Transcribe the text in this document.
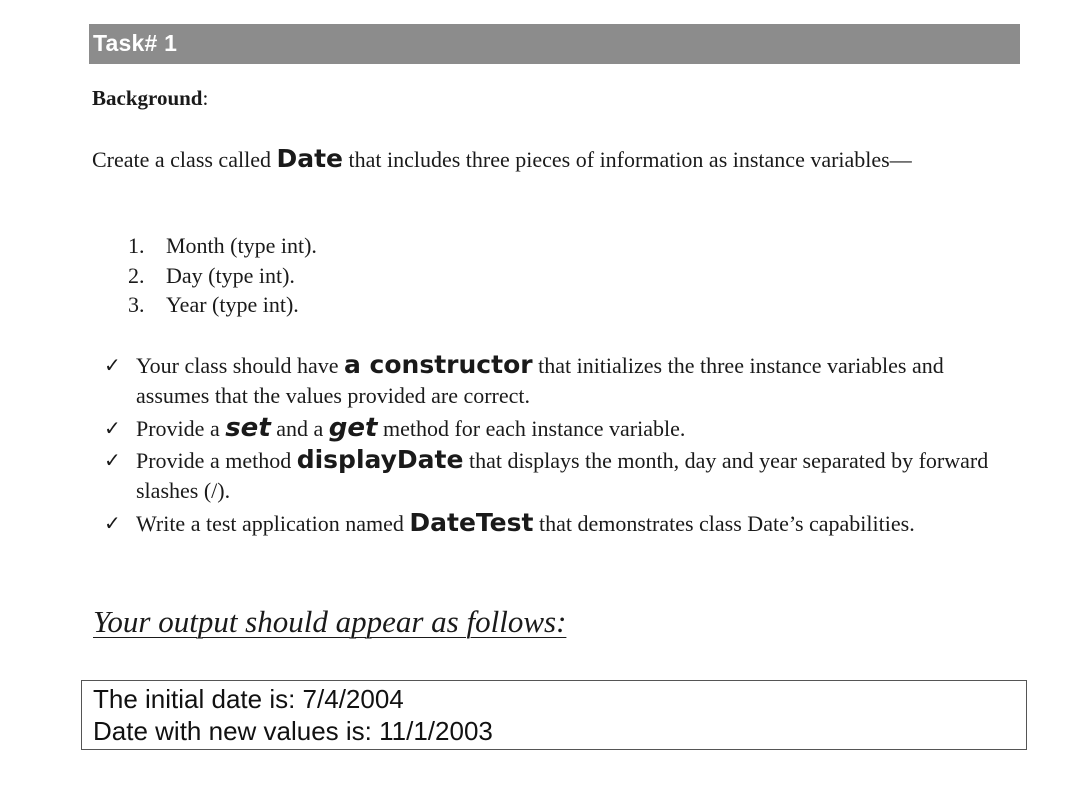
Task# 1
Background:
Create a class called Date that includes three pieces of information as instance variables—
1. Month (type int).
2. Day (type int).
3. Year (type int).
✓ Your class should have a constructor that initializes the three instance variables and assumes that the values provided are correct.
✓ Provide a set and a get method for each instance variable.
✓ Provide a method displayDate that displays the month, day and year separated by forward slashes (/).
✓ Write a test application named DateTest that demonstrates class Date’s capabilities.
Your output should appear as follows:
The initial date is: 7/4/2004
Date with new values is: 11/1/2003
